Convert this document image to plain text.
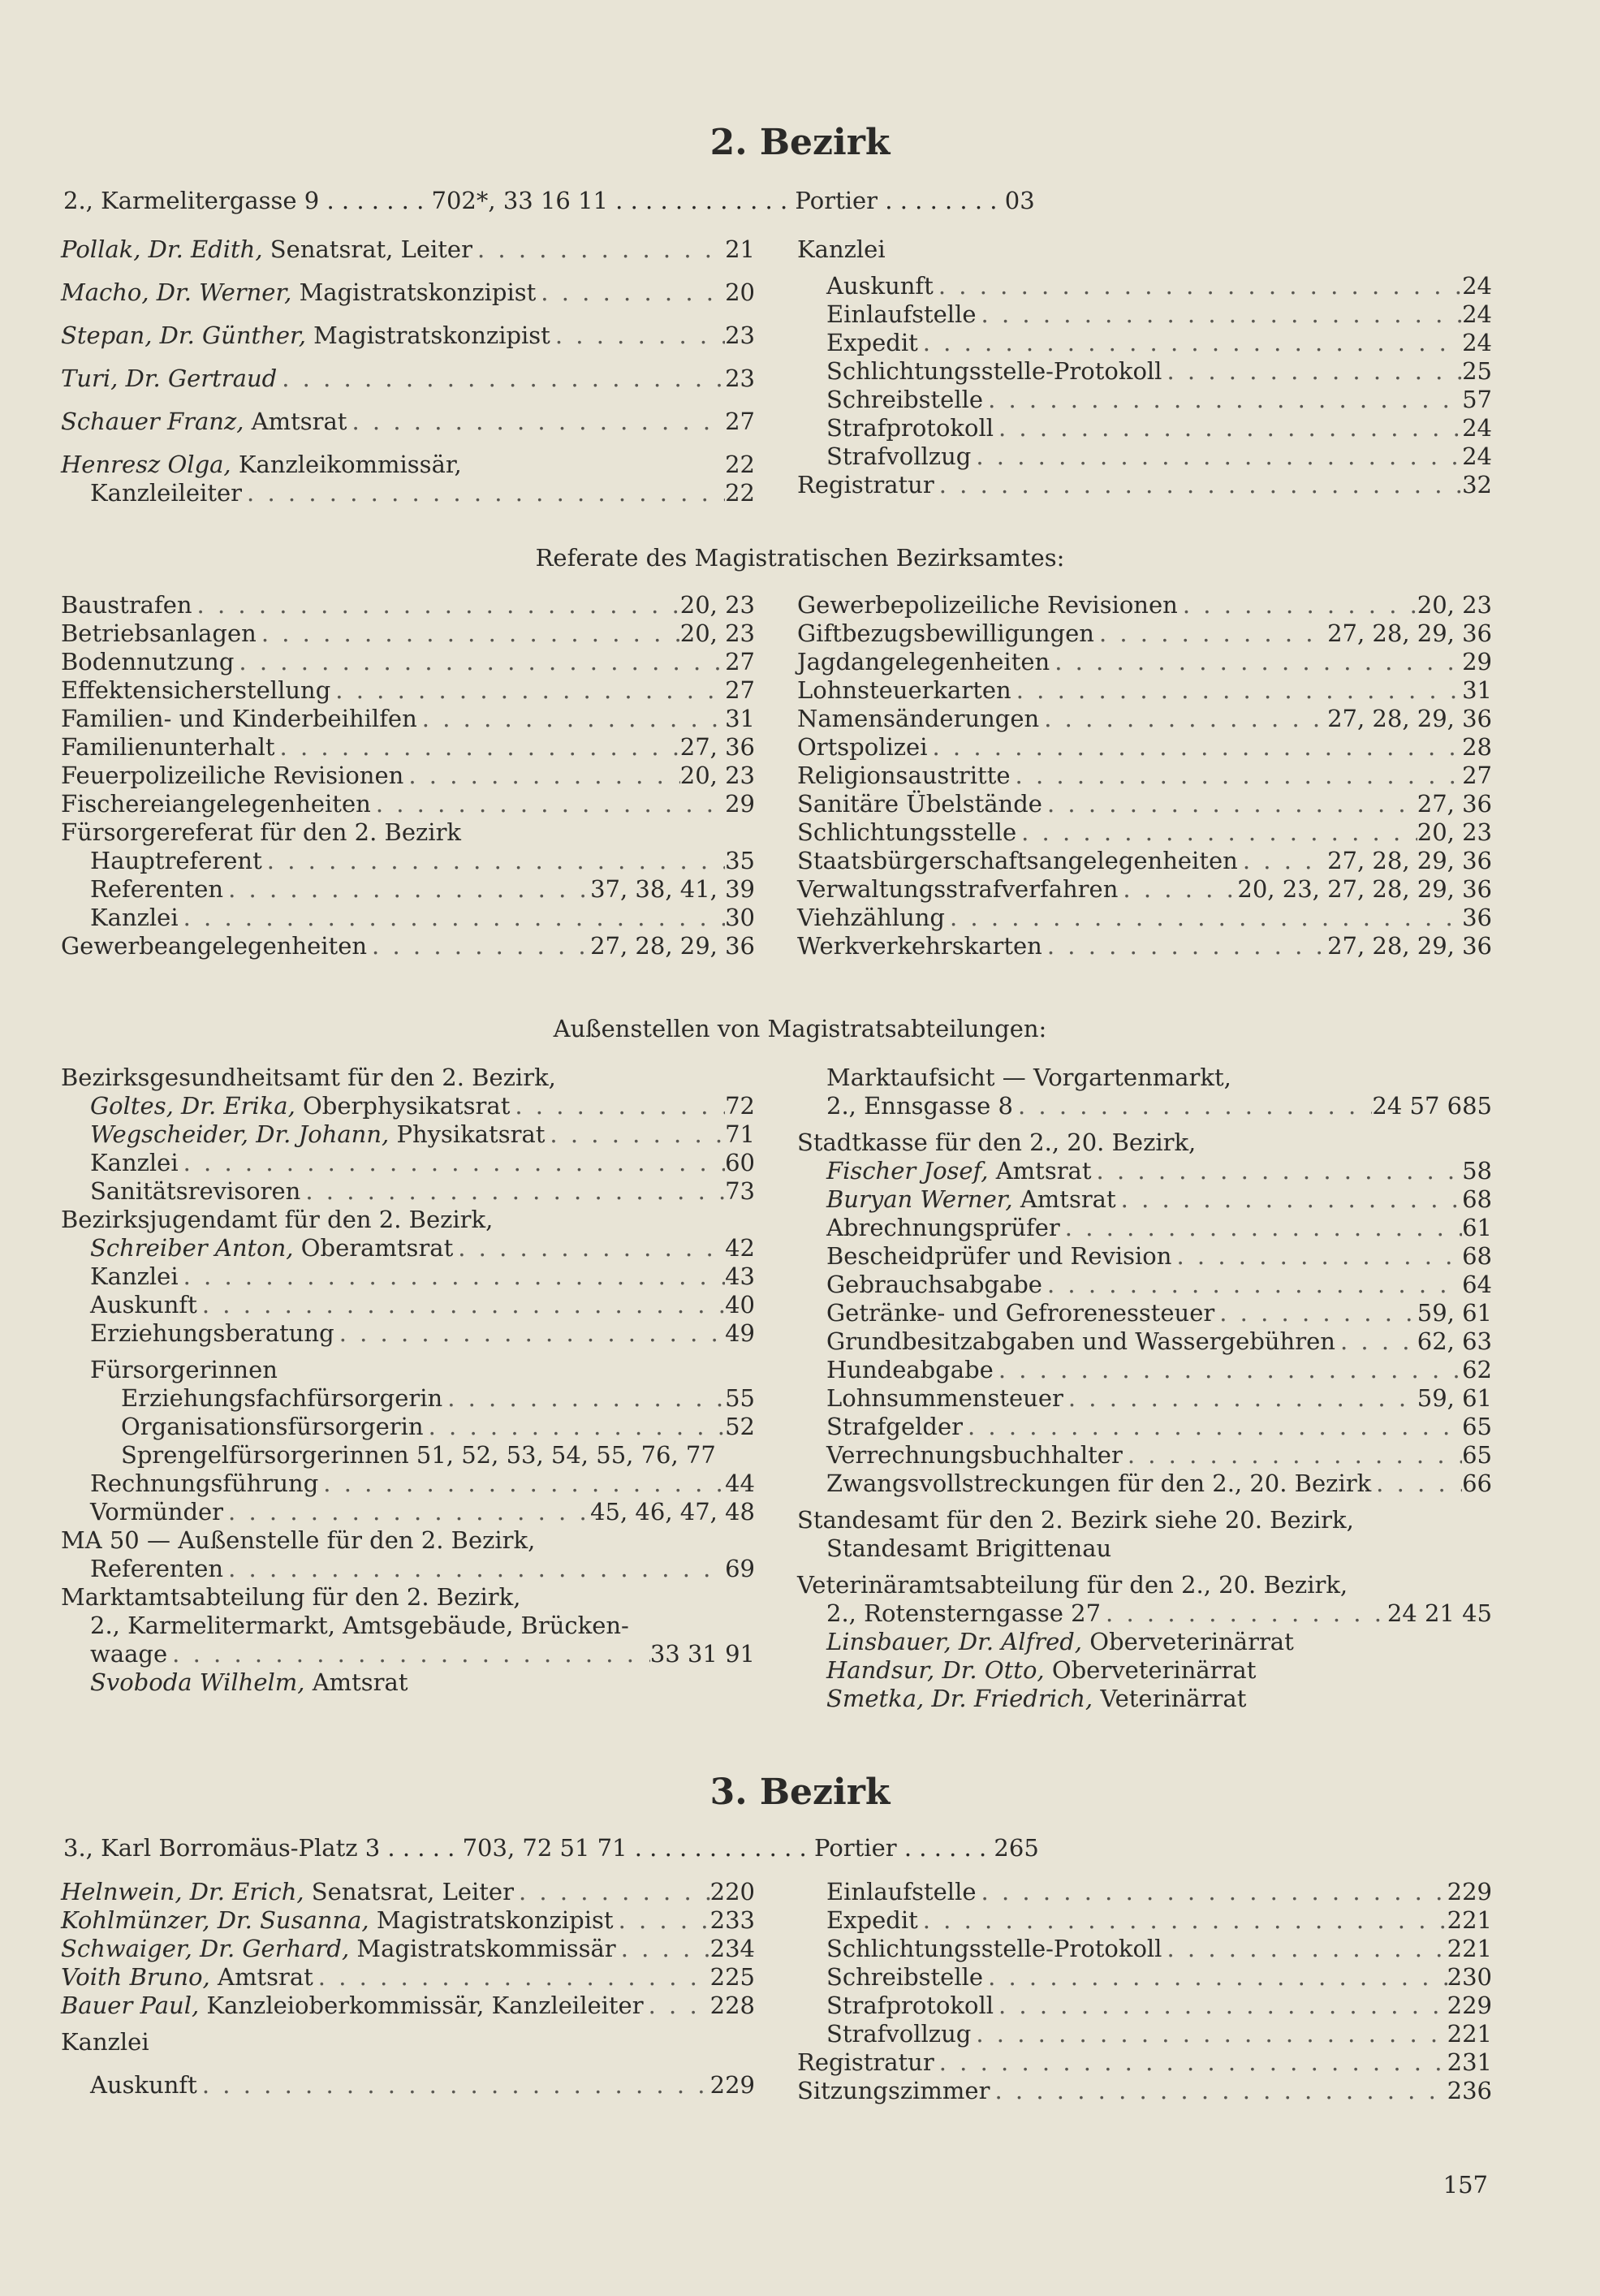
2. Bezirk
2., Karmelitergasse 9 . . . . . . . 702*, 33 16 11 . . . . . . . . . . . . Portier . . . . . . . . 03
Pollak, Dr. Edith, Senatsrat, Leiter . . .	21
Macho, Dr. Werner, Magistratskonzipist . . .	20
Stepan, Dr. Günther, Magistratskonzipist . . .	23
Turi, Dr. Gertraud . . .	23
Schauer Franz, Amtsrat . . .	27
Henresz Olga, Kanzleikommissär,	22
Kanzleileiter . . .	22
Kanzlei
Auskunft . . .	24
Einlaufstelle . . .	24
Expedit . . .	24
Schlichtungsstelle-Protokoll . . .	25
Schreibstelle . . .	57
Strafprotokoll . . .	24
Strafvollzug . . .	24
Registratur . . .	32
Referate des Magistratischen Bezirksamtes:
Baustrafen . . .	20, 23
Betriebsanlagen . . .	20, 23
Bodennutzung . . .	27
Effektensicherstellung . . .	27
Familien- und Kinderbeihilfen . . .	31
Familienunterhalt . . .	27, 36
Feuerpolizeiliche Revisionen . . .	20, 23
Fischereiangelegenheiten . . .	29
Fürsorgereferat für den 2. Bezirk
Hauptreferent . . .	35
Referenten . . .	37, 38, 41, 39
Kanzlei . . .	30
Gewerbeangelegenheiten . . .	27, 28, 29, 36
Gewerbepolizeiliche Revisionen . . .	20, 23
Giftbezugsbewilligungen . . .	27, 28, 29, 36
Jagdangelegenheiten . . .	29
Lohnsteuerkarten . . .	31
Namensänderungen . . .	27, 28, 29, 36
Ortspolizei . . .	28
Religionsaustritte . . .	27
Sanitäre Übelstände . . .	27, 36
Schlichtungsstelle . . .	20, 23
Staatsbürgerschaftsangelegenheiten . . .	27, 28, 29, 36
Verwaltungsstrafverfahren . . .	20, 23, 27, 28, 29, 36
Viehzählung . . .	36
Werkverkehrskarten . . .	27, 28, 29, 36
Außenstellen von Magistratsabteilungen:
Bezirksgesundheitsamt für den 2. Bezirk,
Goltes, Dr. Erika, Oberphysikatsrat . . .	72
Wegscheider, Dr. Johann, Physikatsrat . . .	71
Kanzlei . . .	60
Sanitätsrevisoren . . .	73
Bezirksjugendamt für den 2. Bezirk,
Schreiber Anton, Oberamtsrat . . .	42
Kanzlei . . .	43
Auskunft . . .	40
Erziehungsberatung . . .	49
Fürsorgerinnen
Erziehungsfachfürsorgerin . . .	55
Organisationsfürsorgerin . . .	52
Sprengelfürsorgerinnen 51, 52, 53, 54, 55, 76, 77
Rechnungsführung . . .	44
Vormünder . . .	45, 46, 47, 48
MA 50 — Außenstelle für den 2. Bezirk,
Referenten . . .	69
Marktamtsabteilung für den 2. Bezirk,
2., Karmelitermarkt, Amtsgebäude, Brücken-
waage . . .	33 31 91
Svoboda Wilhelm, Amtsrat
Marktaufsicht — Vorgartenmarkt,
2., Ennsgasse 8 . . .	24 57 685
Stadtkasse für den 2., 20. Bezirk,
Fischer Josef, Amtsrat . . .	58
Buryan Werner, Amtsrat . . .	68
Abrechnungsprüfer . . .	61
Bescheidprüfer und Revision . . .	68
Gebrauchsabgabe . . .	64
Getränke- und Gefrorenessteuer . . .	59, 61
Grundbesitzabgaben und Wassergebühren . . .	62, 63
Hundeabgabe . . .	62
Lohnsummensteuer . . .	59, 61
Strafgelder . . .	65
Verrechnungsbuchhalter . . .	65
Zwangsvollstreckungen für den 2., 20. Bezirk . . .	66
Standesamt für den 2. Bezirk siehe 20. Bezirk,
Standesamt Brigittenau
Veterinäramtsabteilung für den 2., 20. Bezirk,
2., Rotensterngasse 27 . . .	24 21 45
Linsbauer, Dr. Alfred, Oberveterinärrat
Handsur, Dr. Otto, Oberveterinärrat
Smetka, Dr. Friedrich, Veterinärrat
3. Bezirk
3., Karl Borromäus-Platz 3 . . . . . 703, 72 51 71 . . . . . . . . . . . . Portier . . . . . . 265
Helnwein, Dr. Erich, Senatsrat, Leiter . . .	220
Kohlmünzer, Dr. Susanna, Magistratskonzipist . . .	233
Schwaiger, Dr. Gerhard, Magistratskommissär . . .	234
Voith Bruno, Amtsrat . . .	225
Bauer Paul, Kanzleioberkommissär, Kanzleileiter . . .	228
Kanzlei
Auskunft . . .	229
Einlaufstelle . . .	229
Expedit . . .	221
Schlichtungsstelle-Protokoll . . .	221
Schreibstelle . . .	230
Strafprotokoll . . .	229
Strafvollzug . . .	221
Registratur . . .	231
Sitzungszimmer . . .	236
157
